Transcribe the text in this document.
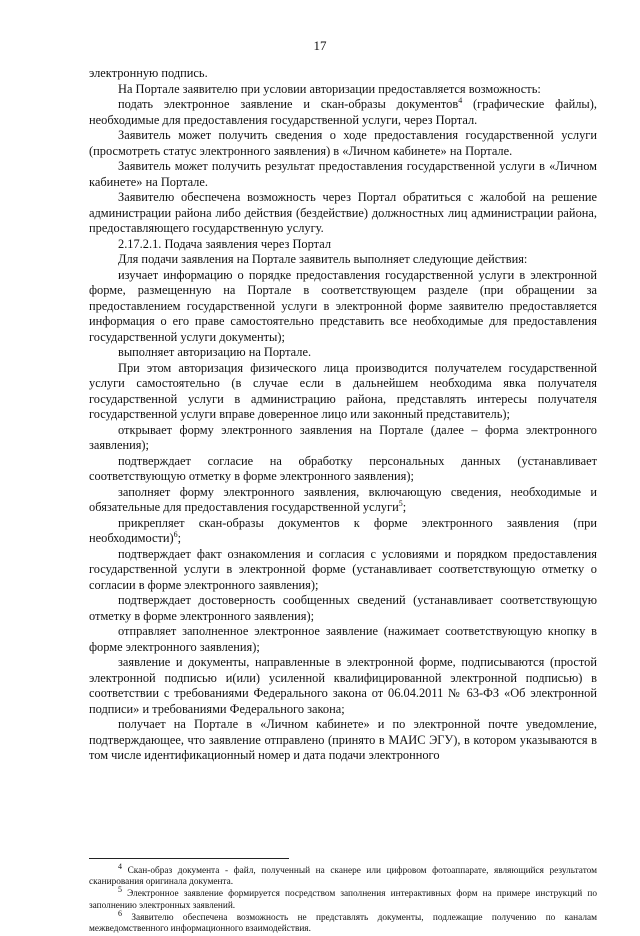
17

электронную подпись.

На Портале заявителю при условии авторизации предоставляется возможность:

подать электронное заявление и скан-образы документов$^4$ (графические файлы), необходимые для предоставления государственной услуги, через Портал.

Заявитель может получить сведения о ходе предоставления государственной услуги (просмотреть статус электронного заявления) в «Личном кабинете» на Портале.

Заявитель может получить результат предоставления государственной услуги в «Личном кабинете» на Портале.

Заявителю обеспечена возможность через Портал обратиться с жалобой на решение администрации района либо действия (бездействие) должностных лиц администрации района, предоставляющего государственную услугу.

2.17.2.1. Подача заявления через Портал

Для подачи заявления на Портале заявитель выполняет следующие действия:

изучает информацию о порядке предоставления государственной услуги в электронной форме, размещенную на Портале в соответствующем разделе (при обращении за предоставлением государственной услуги в электронной форме заявителю предоставляется информация о его праве самостоятельно представить все необходимые для предоставления государственной услуги документы);

выполняет авторизацию на Портале.

При этом авторизация физического лица производится получателем государственной услуги самостоятельно (в случае если в дальнейшем необходима явка получателя государственной услуги в администрацию района, представлять интересы получателя государственной услуги вправе доверенное лицо или законный представитель);

открывает форму электронного заявления на Портале (далее – форма электронного заявления);

подтверждает согласие на обработку персональных данных (устанавливает соответствующую отметку в форме электронного заявления);

заполняет форму электронного заявления, включающую сведения, необходимые и обязательные для предоставления государственной услуги$^5$;

прикрепляет скан-образы документов к форме электронного заявления (при необходимости)$^6$;

подтверждает факт ознакомления и согласия с условиями и порядком предоставления государственной услуги в электронной форме (устанавливает соответствующую отметку о согласии в форме электронного заявления);

подтверждает достоверность сообщенных сведений (устанавливает соответствующую отметку в форме электронного заявления);

отправляет заполненное электронное заявление (нажимает соответствующую кнопку в форме электронного заявления);

заявление и документы, направленные в электронной форме, подписываются (простой электронной подписью и(или) усиленной квалифицированной электронной подписью) в соответствии с требованиями Федерального закона от 06.04.2011 № 63-ФЗ «Об электронной подписи» и требованиями Федерального закона;

получает на Портале в «Личном кабинете» и по электронной почте уведомление, подтверждающее, что заявление отправлено (принято в МАИС ЭГУ), в котором указываются в том числе идентификационный номер и дата подачи электронного

$^4$ Скан-образ документа - файл, полученный на сканере или цифровом фотоаппарате, являющийся результатом сканирования оригинала документа.

$^5$ Электронное заявление формируется посредством заполнения интерактивных форм на примере инструкций по заполнению электронных заявлений.

$^6$ Заявителю обеспечена возможность не представлять документы, подлежащие получению по каналам межведомственного информационного взаимодействия.
